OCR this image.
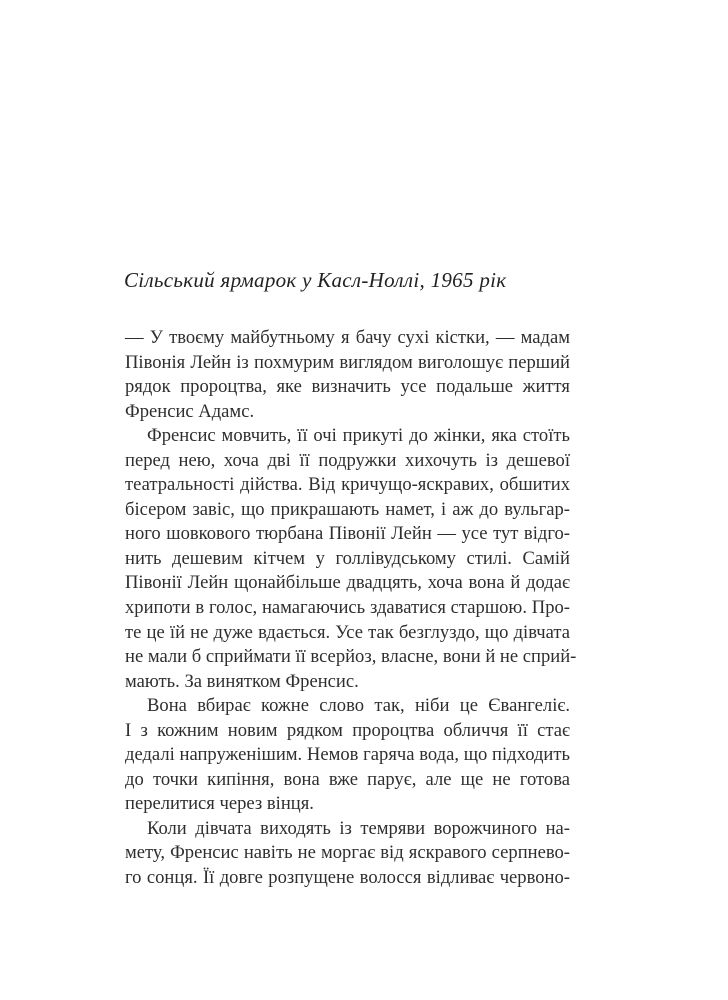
Сільський ярмарок у Касл-Ноллі, 1965 рік
— У твоєму майбутньому я бачу сухі кістки, — мадам
Півонія Лейн із похмурим виглядом виголошує перший
рядок пророцтва, яке визначить усе подальше життя
Френсис Адамс.
Френсис мовчить, її очі прикуті до жінки, яка стоїть
перед нею, хоча дві її подружки хихочуть із дешевої
театральності дійства. Від кричущо-яскравих, обшитих
бісером завіс, що прикрашають намет, і аж до вульгар-
ного шовкового тюрбана Півонії Лейн — усе тут відго-
нить дешевим кітчем у голлівудському стилі. Самій
Півонії Лейн щонайбільше двадцять, хоча вона й додає
хрипоти в голос, намагаючись здаватися старшою. Про-
те це їй не дуже вдається. Усе так безглуздо, що дівчата
не мали б сприймати її всерйоз, власне, вони й не сприй-
мають. За винятком Френсис.
Вона вбирає кожне слово так, ніби це Євангеліє.
І з кожним новим рядком пророцтва обличчя її стає
дедалі напруженішим. Немов гаряча вода, що підходить
до точки кипіння, вона вже парує, але ще не готова
перелитися через вінця.
Коли дівчата виходять із темряви ворожчиного на-
мету, Френсис навіть не моргає від яскравого серпнево-
го сонця. Її довге розпущене волосся відливає червоно-
